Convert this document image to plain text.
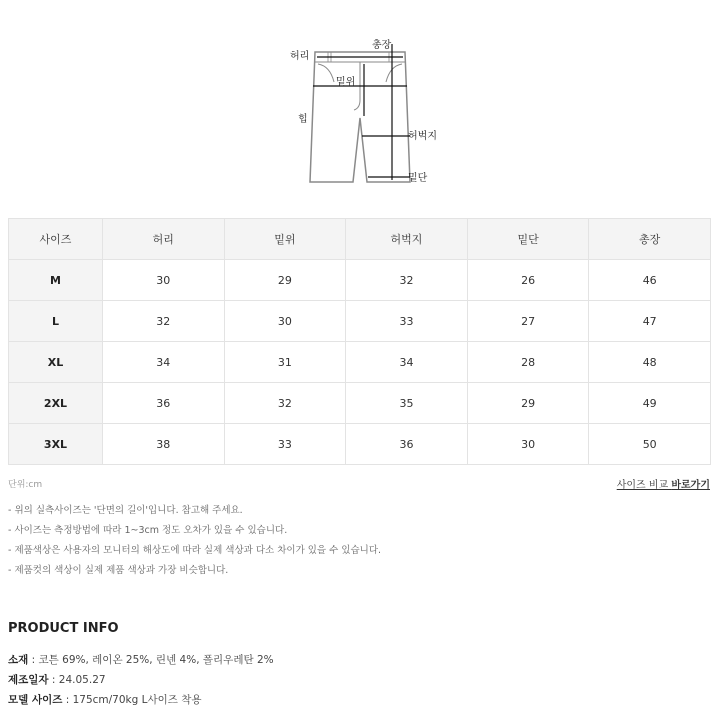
허리
총장
밑위
힙
허벅지
밑단
사이즈	허리	밑위	허벅지	밑단	총장
M	30	29	32	26	46
L	32	30	33	27	47
XL	34	31	34	28	48
2XL	36	32	35	29	49
3XL	38	33	36	30	50
단위:cm	사이즈 비교 바로가기
- 위의 실측사이즈는 '단면의 길이'입니다. 참고해 주세요.
- 사이즈는 측정방법에 따라 1~3cm 정도 오차가 있을 수 있습니다.
- 제품색상은 사용자의 모니터의 해상도에 따라 실제 색상과 다소 차이가 있을 수 있습니다.
- 제품컷의 색상이 실제 제품 색상과 가장 비슷합니다.
PRODUCT INFO
소재 : 코튼 69%, 레이온 25%, 린넨 4%, 폴리우레탄 2%
제조일자 : 24.05.27
모델 사이즈 : 175cm/70kg L사이즈 착용
